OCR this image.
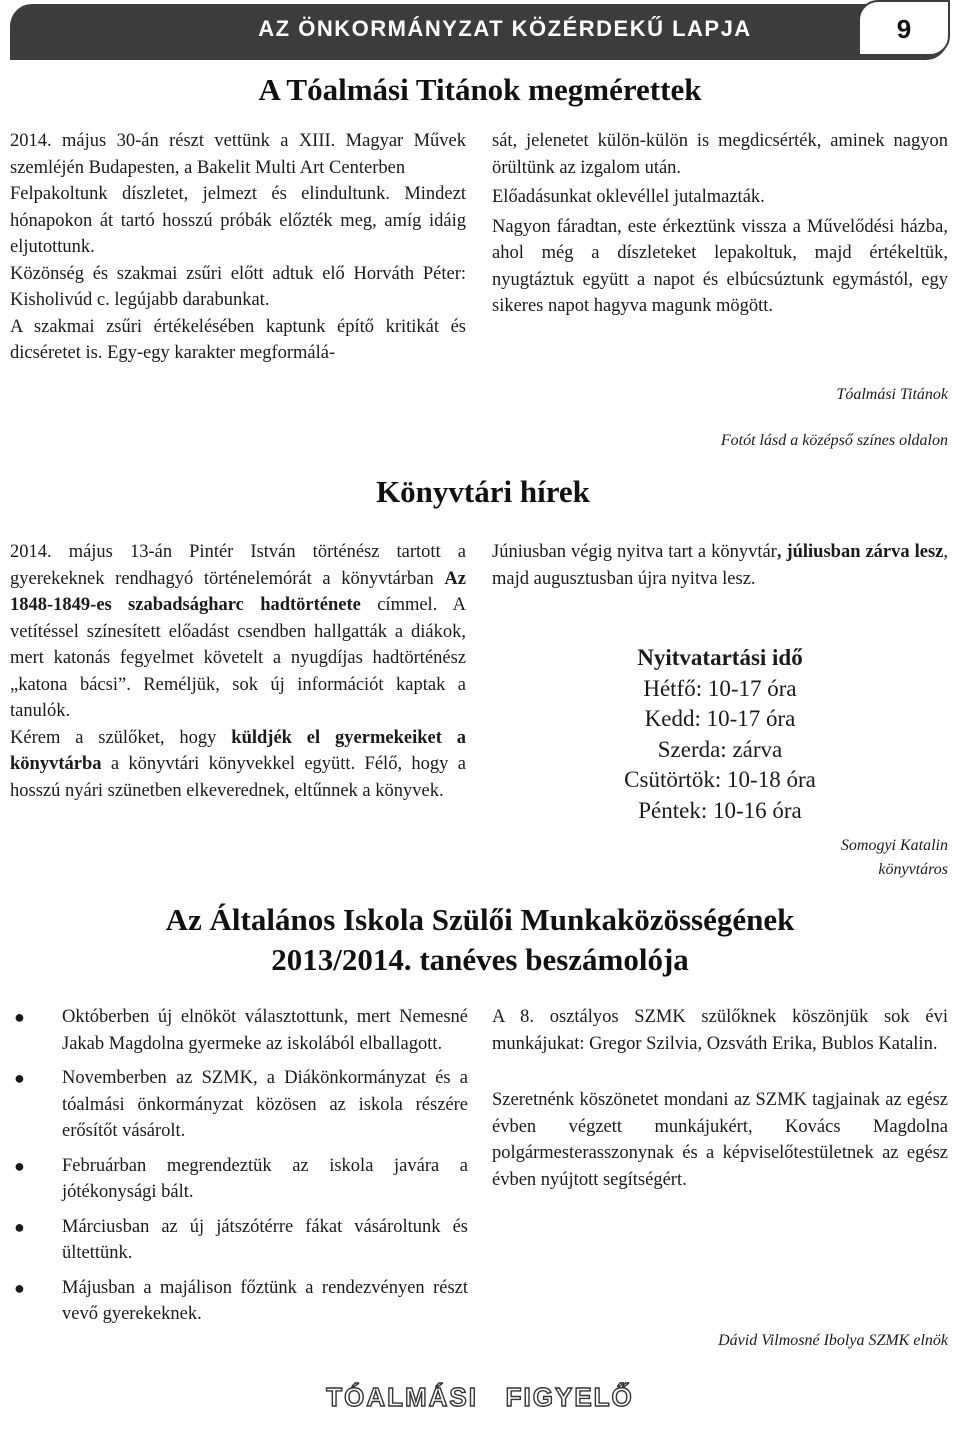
AZ ÖNKORMÁNYZAT KÖZÉRDEKŰ LAPJA	9
A Tóalmási Titánok megmérettek

2014. május 30-án részt vettünk a XIII. Magyar Művek szemléjén Budapesten, a Bakelit Multi Art Centerben

Felpakoltunk díszletet, jelmezt és elindultunk. Mindezt hónapokon át tartó hosszú próbák előzték meg, amíg idáig eljutottunk.

Közönség és szakmai zsűri előtt adtuk elő Horváth Péter: Kisholivúd c. legújabb darabunkat.

A szakmai zsűri értékelésében kaptunk építő kritikát és dicséretet is. Egy-egy karakter megformálá-

sát, jelenetet külön-külön is megdicsérték, aminek nagyon örültünk az izgalom után.

Előadásunkat oklevéllel jutalmazták.

Nagyon fáradtan, este érkeztünk vissza a Művelődési házba, ahol még a díszleteket lepakoltuk, majd értékeltük, nyugtáztuk együtt a napot és elbúcsúztunk egymástól, egy sikeres napot hagyva magunk mögött.

Tóalmási Titánok
Fotót lásd a középső színes oldalon
Könyvtári hírek

2014. május 13-án Pintér István történész tartott a gyerekeknek rendhagyó történelemórát a könyvtárban Az 1848-1849-es szabadságharc hadtörténete címmel. A vetítéssel színesített előadást csendben hallgatták a diákok, mert katonás fegyelmet követelt a nyugdíjas hadtörténész „katona bácsi”. Reméljük, sok új információt kaptak a tanulók.

Kérem a szülőket, hogy küldjék el gyermekeiket a könyvtárba a könyvtári könyvekkel együtt. Félő, hogy a hosszú nyári szünetben elkeverednek, eltűnnek a könyvek.

Júniusban végig nyitva tart a könyvtár, júliusban zárva lesz, majd augusztusban újra nyitva lesz.

Nyitvatartási idő
Hétfő: 10-17 óra
Kedd: 10-17 óra
Szerda: zárva
Csütörtök: 10-18 óra
Péntek: 10-16 óra
Somogyi Katalin
könyvtáros
Az Általános Iskola Szülői Munkaközösségének
2013/2014. tanéves beszámolója
● Októberben új elnököt választottunk, mert Nemesné Jakab Magdolna gyermeke az iskolából elballagott.
● Novemberben az SZMK, a Diákönkormányzat és a tóalmási önkormányzat közösen az iskola részére erősítőt vásárolt.
● Februárban megrendeztük az iskola javára a jótékonysági bált.
● Márciusban az új játszótérre fákat vásároltunk és ültettünk.
● Májusban a majálison főztünk a rendezvényen részt vevő gyerekeknek.

A 8. osztályos SZMK szülőknek köszönjük sok évi munkájukat: Gregor Szilvia, Ozsváth Erika, Bublos Katalin.

Szeretnénk köszönetet mondani az SZMK tagjainak az egész évben végzett munkájukért, Kovács Magdolna polgármesterasszonynak és a képviselőtestületnek az egész évben nyújtott segítségért.

Dávid Vilmosné Ibolya SZMK elnök
TÓALMÁSI   FIGYELŐ
